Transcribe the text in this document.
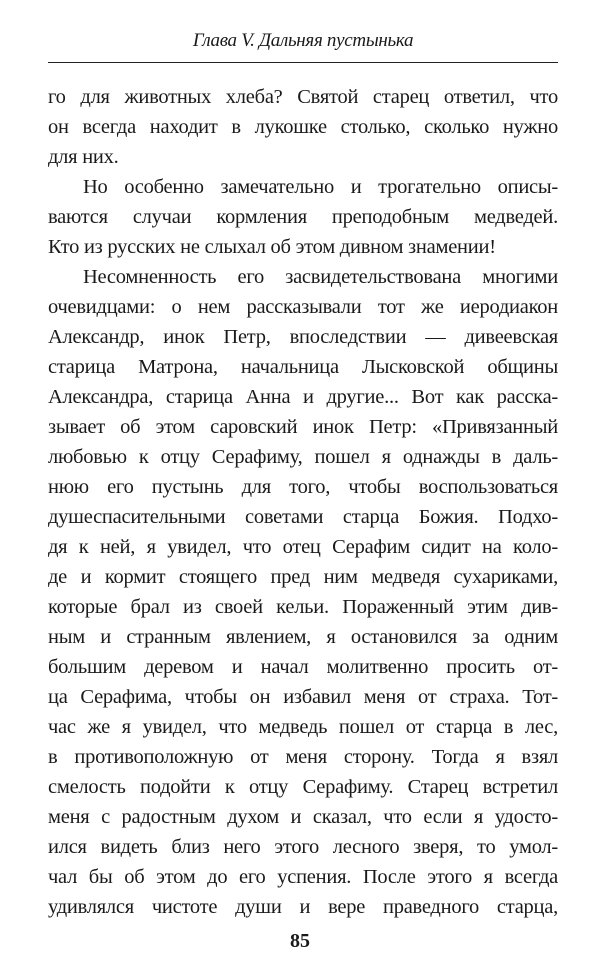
Глава V. Дальняя пустынька
го для животных хлеба? Святой старец ответил, что
он всегда находит в лукошке столько, сколько нужно
для них.
Но особенно замечательно и трогательно описы-
ваются случаи кормления преподобным медведей.
Кто из русских не слыхал об этом дивном знамении!
Несомненность его засвидетельствована многими
очевидцами: о нем рассказывали тот же иеродиакон
Александр, инок Петр, впоследствии — дивеевская
старица Матрона, начальница Лысковской общины
Александра, старица Анна и другие... Вот как расска-
зывает об этом саровский инок Петр: «Привязанный
любовью к отцу Серафиму, пошел я однажды в даль-
нюю его пустынь для того, чтобы воспользоваться
душеспасительными советами старца Божия. Подхо-
дя к ней, я увидел, что отец Серафим сидит на коло-
де и кормит стоящего пред ним медведя сухариками,
которые брал из своей кельи. Пораженный этим див-
ным и странным явлением, я остановился за одним
большим деревом и начал молитвенно просить от-
ца Серафима, чтобы он избавил меня от страха. Тот-
час же я увидел, что медведь пошел от старца в лес,
в противоположную от меня сторону. Тогда я взял
смелость подойти к отцу Серафиму. Старец встретил
меня с радостным духом и сказал, что если я удосто-
ился видеть близ него этого лесного зверя, то умол-
чал бы об этом до его успения. После этого я всегда
удивлялся чистоте души и вере праведного старца,
85
